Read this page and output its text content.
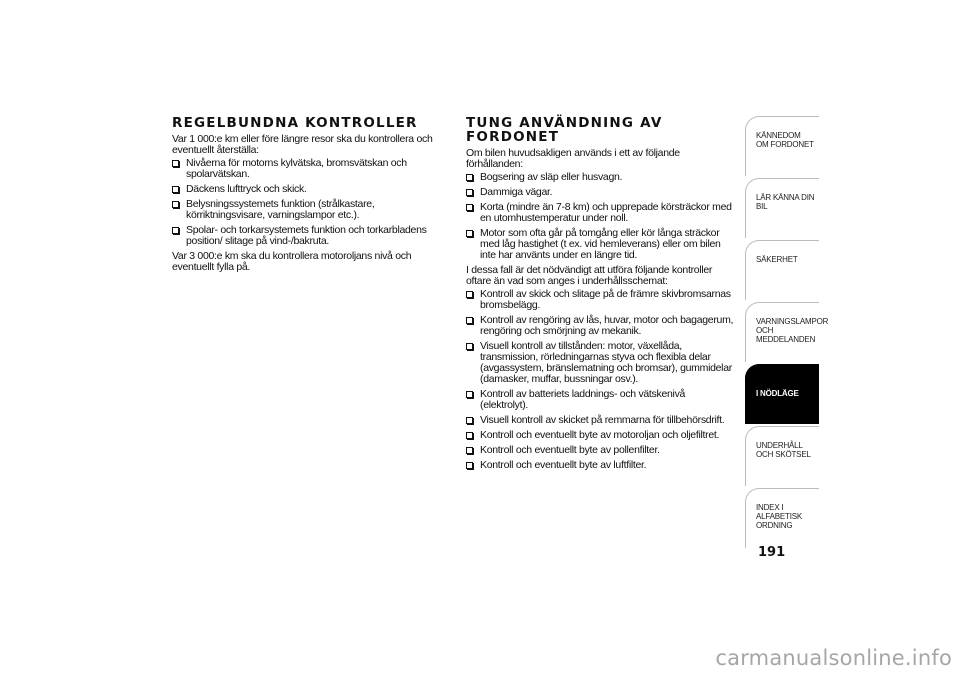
REGELBUNDNA KONTROLLER

Var 1 000:e km eller före längre resor ska du kontrollera och eventuellt återställa:

Nivåerna för motorns kylvätska, bromsvätskan och spolarvätskan.
Däckens lufttryck och skick.
Belysningssystemets funktion (strålkastare, körriktningsvisare, varningslampor etc.).
Spolar- och torkarsystemets funktion och torkarbladens position/ slitage på vind-/bakruta.

Var 3 000:e km ska du kontrollera motoroljans nivå och eventuellt fylla på.

TUNG ANVÄNDNING AV FORDONET

Om bilen huvudsakligen används i ett av följande förhållanden:

Bogsering av släp eller husvagn.
Dammiga vägar.
Korta (mindre än 7-8 km) och upprepade körsträckor med en utomhustemperatur under noll.
Motor som ofta går på tomgång eller kör långa sträckor med låg hastighet (t ex. vid hemleverans) eller om bilen inte har använts under en längre tid.

I dessa fall är det nödvändigt att utföra följande kontroller oftare än vad som anges i underhållsschemat:

Kontroll av skick och slitage på de främre skivbromsarnas bromsbelägg.
Kontroll av rengöring av lås, huvar, motor och bagagerum, rengöring och smörjning av mekanik.
Visuell kontroll av tillstånden: motor, växellåda, transmission, rörledningarnas styva och flexibla delar (avgassystem, bränslematning och bromsar), gummidelar (damasker, muffar, bussningar osv.).
Kontroll av batteriets laddnings- och vätskenivå (elektrolyt).
Visuell kontroll av skicket på remmarna för tillbehörsdrift.
Kontroll och eventuellt byte av motoroljan och oljefiltret.
Kontroll och eventuellt byte av pollenfilter.
Kontroll och eventuellt byte av luftfilter.
KÄNNEDOM OM FORDONET
LÄR KÄNNA DIN BIL
SÄKERHET
VARNINGSLAMPOR OCH MEDDELANDEN
I NÖDLÄGE
UNDERHÅLL OCH SKÖTSEL
INDEX I ALFABETISK ORDNING
191
carmanualsonline.info
